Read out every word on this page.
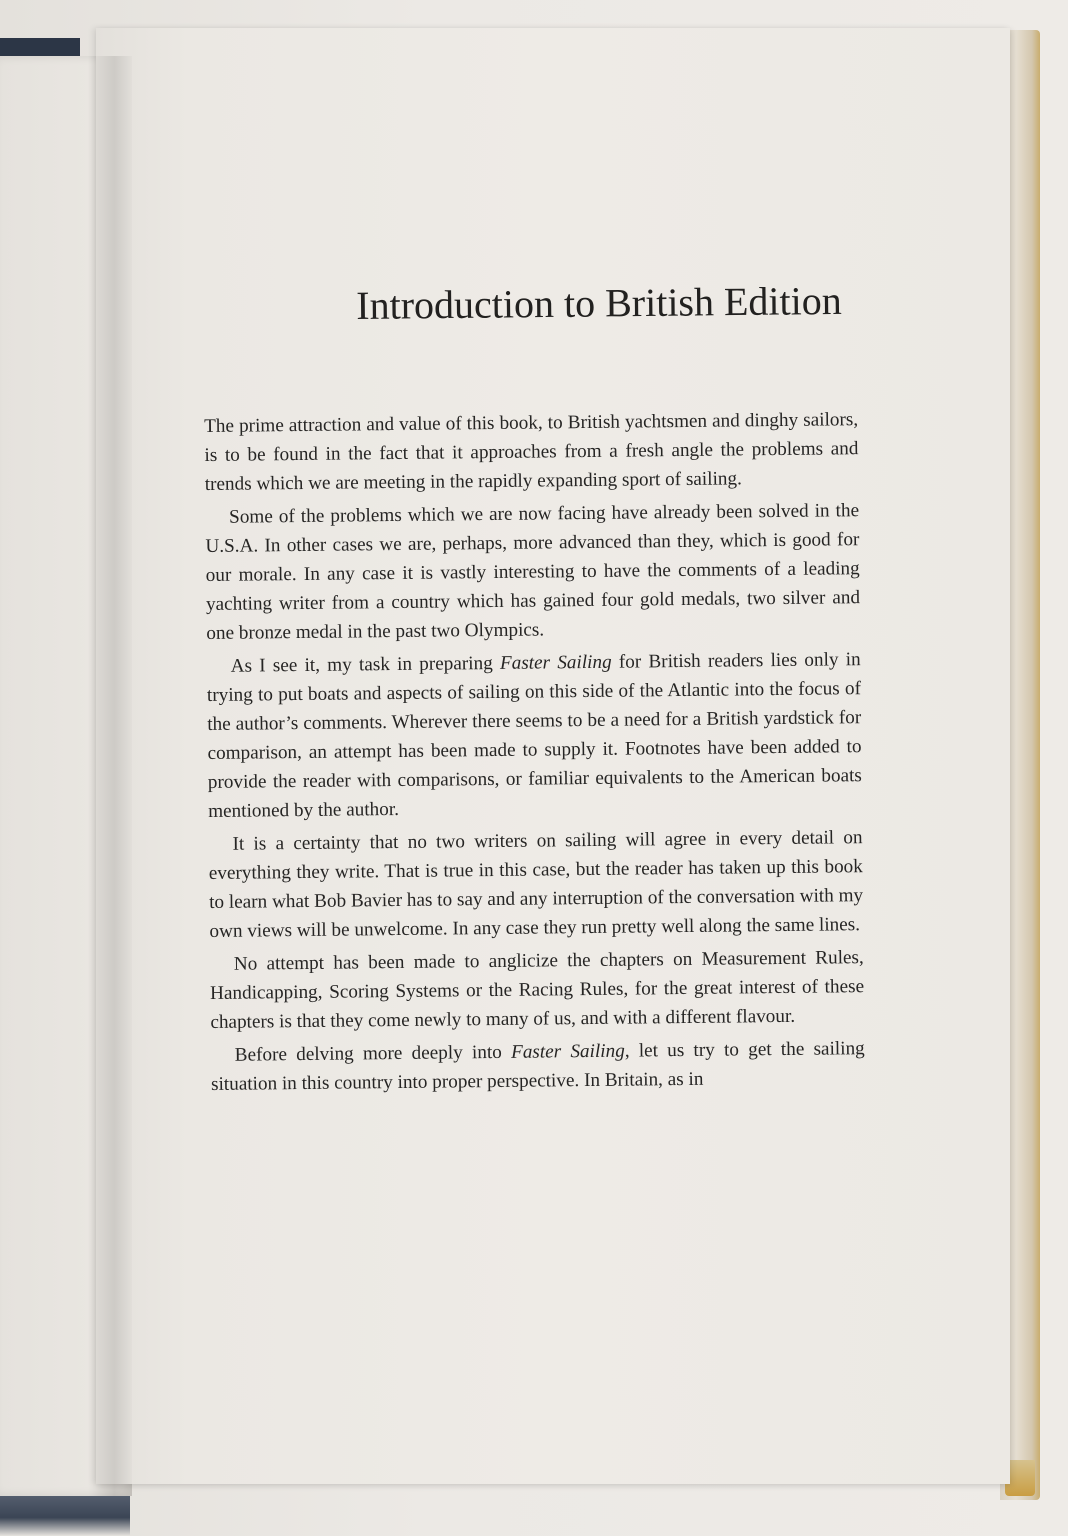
Introduction to British Edition

The prime attraction and value of this book, to British yachtsmen and dinghy sailors, is to be found in the fact that it approaches from a fresh angle the problems and trends which we are meeting in the rapidly expanding sport of sailing.

Some of the problems which we are now facing have already been solved in the U.S.A. In other cases we are, perhaps, more advanced than they, which is good for our morale. In any case it is vastly interesting to have the comments of a leading yachting writer from a country which has gained four gold medals, two silver and one bronze medal in the past two Olympics.

As I see it, my task in preparing Faster Sailing for British readers lies only in trying to put boats and aspects of sailing on this side of the Atlantic into the focus of the author’s comments. Wherever there seems to be a need for a British yardstick for comparison, an attempt has been made to supply it. Footnotes have been added to provide the reader with comparisons, or familiar equivalents to the American boats mentioned by the author.

It is a certainty that no two writers on sailing will agree in every detail on everything they write. That is true in this case, but the reader has taken up this book to learn what Bob Bavier has to say and any interruption of the conversation with my own views will be unwelcome. In any case they run pretty well along the same lines.

No attempt has been made to anglicize the chapters on Measurement Rules, Handicapping, Scoring Systems or the Racing Rules, for the great interest of these chapters is that they come newly to many of us, and with a different flavour.

Before delving more deeply into Faster Sailing, let us try to get the sailing situation in this country into proper perspective. In Britain, as in
